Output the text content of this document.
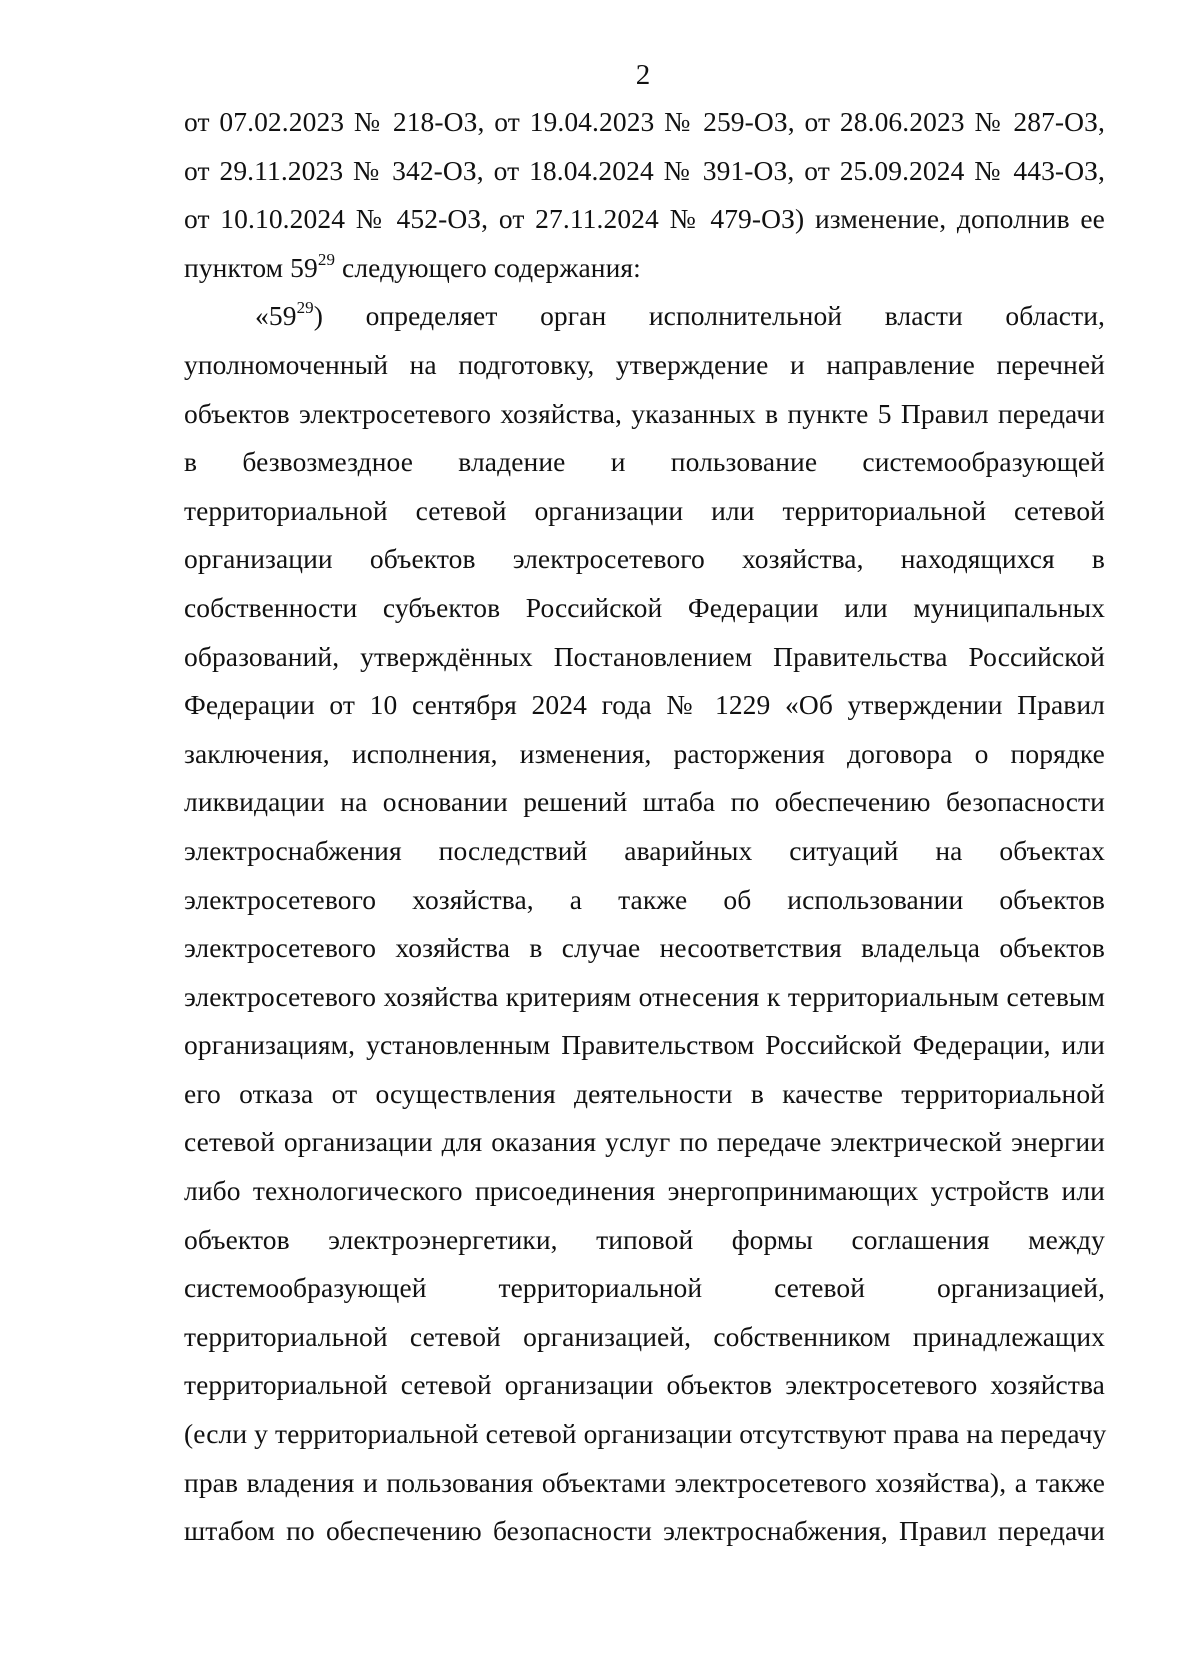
2
от 07.02.2023 № 218-ОЗ, от 19.04.2023 № 259-ОЗ, от 28.06.2023 № 287-ОЗ,
от 29.11.2023 № 342-ОЗ, от 18.04.2024 № 391-ОЗ, от 25.09.2024 № 443-ОЗ,
от 10.10.2024 № 452-ОЗ, от 27.11.2024 № 479-ОЗ) изменение, дополнив ее
пунктом $59^{29}$ следующего содержания:
«$59^{29}$) определяет орган исполнительной власти области,
уполномоченный на подготовку, утверждение и направление перечней
объектов электросетевого хозяйства, указанных в пункте 5 Правил передачи
в безвозмездное владение и пользование системообразующей
территориальной сетевой организации или территориальной сетевой
организации объектов электросетевого хозяйства, находящихся в
собственности субъектов Российской Федерации или муниципальных
образований, утверждённых Постановлением Правительства Российской
Федерации от 10 сентября 2024 года № 1229 «Об утверждении Правил
заключения, исполнения, изменения, расторжения договора о порядке
ликвидации на основании решений штаба по обеспечению безопасности
электроснабжения последствий аварийных ситуаций на объектах
электросетевого хозяйства, а также об использовании объектов
электросетевого хозяйства в случае несоответствия владельца объектов
электросетевого хозяйства критериям отнесения к территориальным сетевым
организациям, установленным Правительством Российской Федерации, или
его отказа от осуществления деятельности в качестве территориальной
сетевой организации для оказания услуг по передаче электрической энергии
либо технологического присоединения энергопринимающих устройств или
объектов электроэнергетики, типовой формы соглашения между
системообразующей территориальной сетевой организацией,
территориальной сетевой организацией, собственником принадлежащих
территориальной сетевой организации объектов электросетевого хозяйства
(если у территориальной сетевой организации отсутствуют права на передачу
прав владения и пользования объектами электросетевого хозяйства), а также
штабом по обеспечению безопасности электроснабжения, Правил передачи
